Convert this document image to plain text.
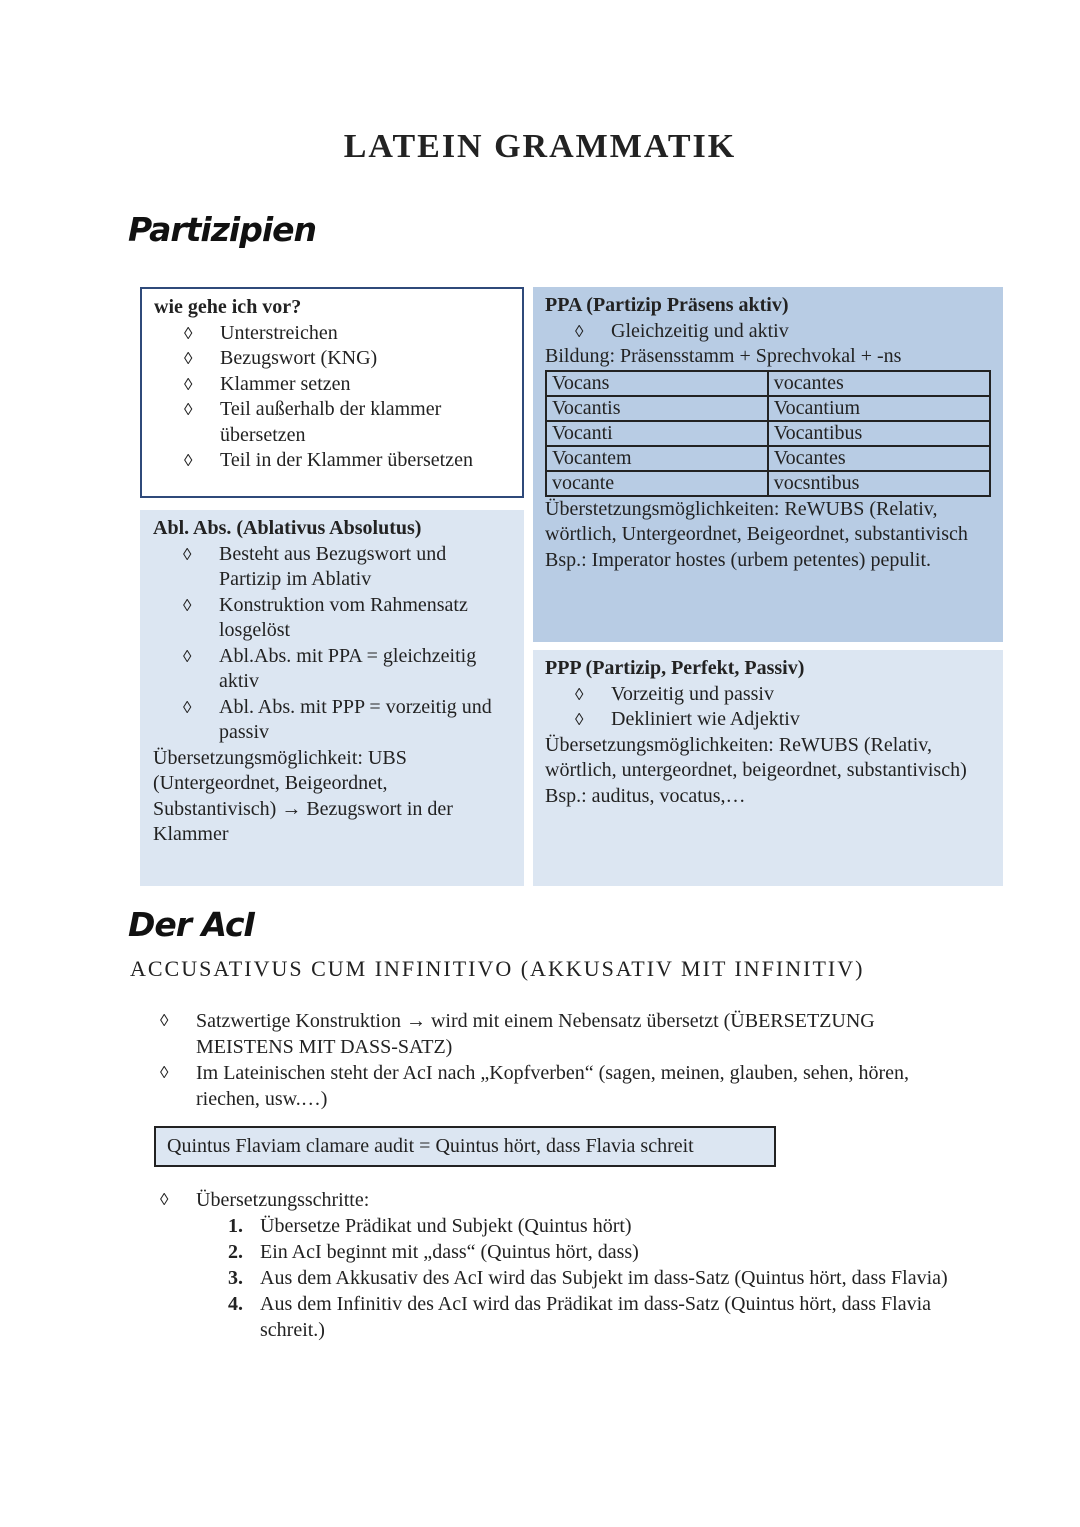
LATEIN GRAMMATIK
Partizipien
wie gehe ich vor?
◊ Unterstreichen
◊ Bezugswort (KNG)
◊ Klammer setzen
◊ Teil außerhalb der klammer übersetzen
◊ Teil in der Klammer übersetzen
PPA (Partizip Präsens aktiv)
◊ Gleichzeitig und aktiv
Bildung: Präsensstamm + Sprechvokal + -ns
Vocans	vocantes
Vocantis	Vocantium
Vocanti	Vocantibus
Vocantem	Vocantes
vocante	vocsntibus
Überstetzungsmöglichkeiten: ReWUBS (Relativ, wörtlich, Untergeordnet, Beigeordnet, substantivisch
Bsp.: Imperator hostes (urbem petentes) pepulit.
Abl. Abs. (Ablativus Absolutus)
◊ Besteht aus Bezugswort und Partizip im Ablativ
◊ Konstruktion vom Rahmensatz losgelöst
◊ Abl.Abs. mit PPA = gleichzeitig aktiv
◊ Abl. Abs. mit PPP = vorzeitig und passiv
Übersetzungsmöglichkeit: UBS (Untergeordnet, Beigeordnet, Substantivisch) → Bezugswort in der Klammer
PPP (Partizip, Perfekt, Passiv)
◊ Vorzeitig und passiv
◊ Dekliniert wie Adjektiv
Übersetzungsmöglichkeiten: ReWUBS (Relativ, wörtlich, untergeordnet, beigeordnet, substantivisch)
Bsp.: auditus, vocatus,…
Der AcI
ACCUSATIVUS CUM INFINITIVO (AKKUSATIV MIT INFINITIV)
◊ Satzwertige Konstruktion → wird mit einem Nebensatz übersetzt (ÜBERSETZUNG MEISTENS MIT DASS-SATZ)
◊ Im Lateinischen steht der AcI nach „Kopfverben“ (sagen, meinen, glauben, sehen, hören, riechen, usw.…)
Quintus Flaviam clamare audit = Quintus hört, dass Flavia schreit
◊ Übersetzungsschritte:
1. Übersetze Prädikat und Subjekt (Quintus hört)
2. Ein AcI beginnt mit „dass“ (Quintus hört, dass)
3. Aus dem Akkusativ des AcI wird das Subjekt im dass-Satz (Quintus hört, dass Flavia)
4. Aus dem Infinitiv des AcI wird das Prädikat im dass-Satz (Quintus hört, dass Flavia schreit.)
